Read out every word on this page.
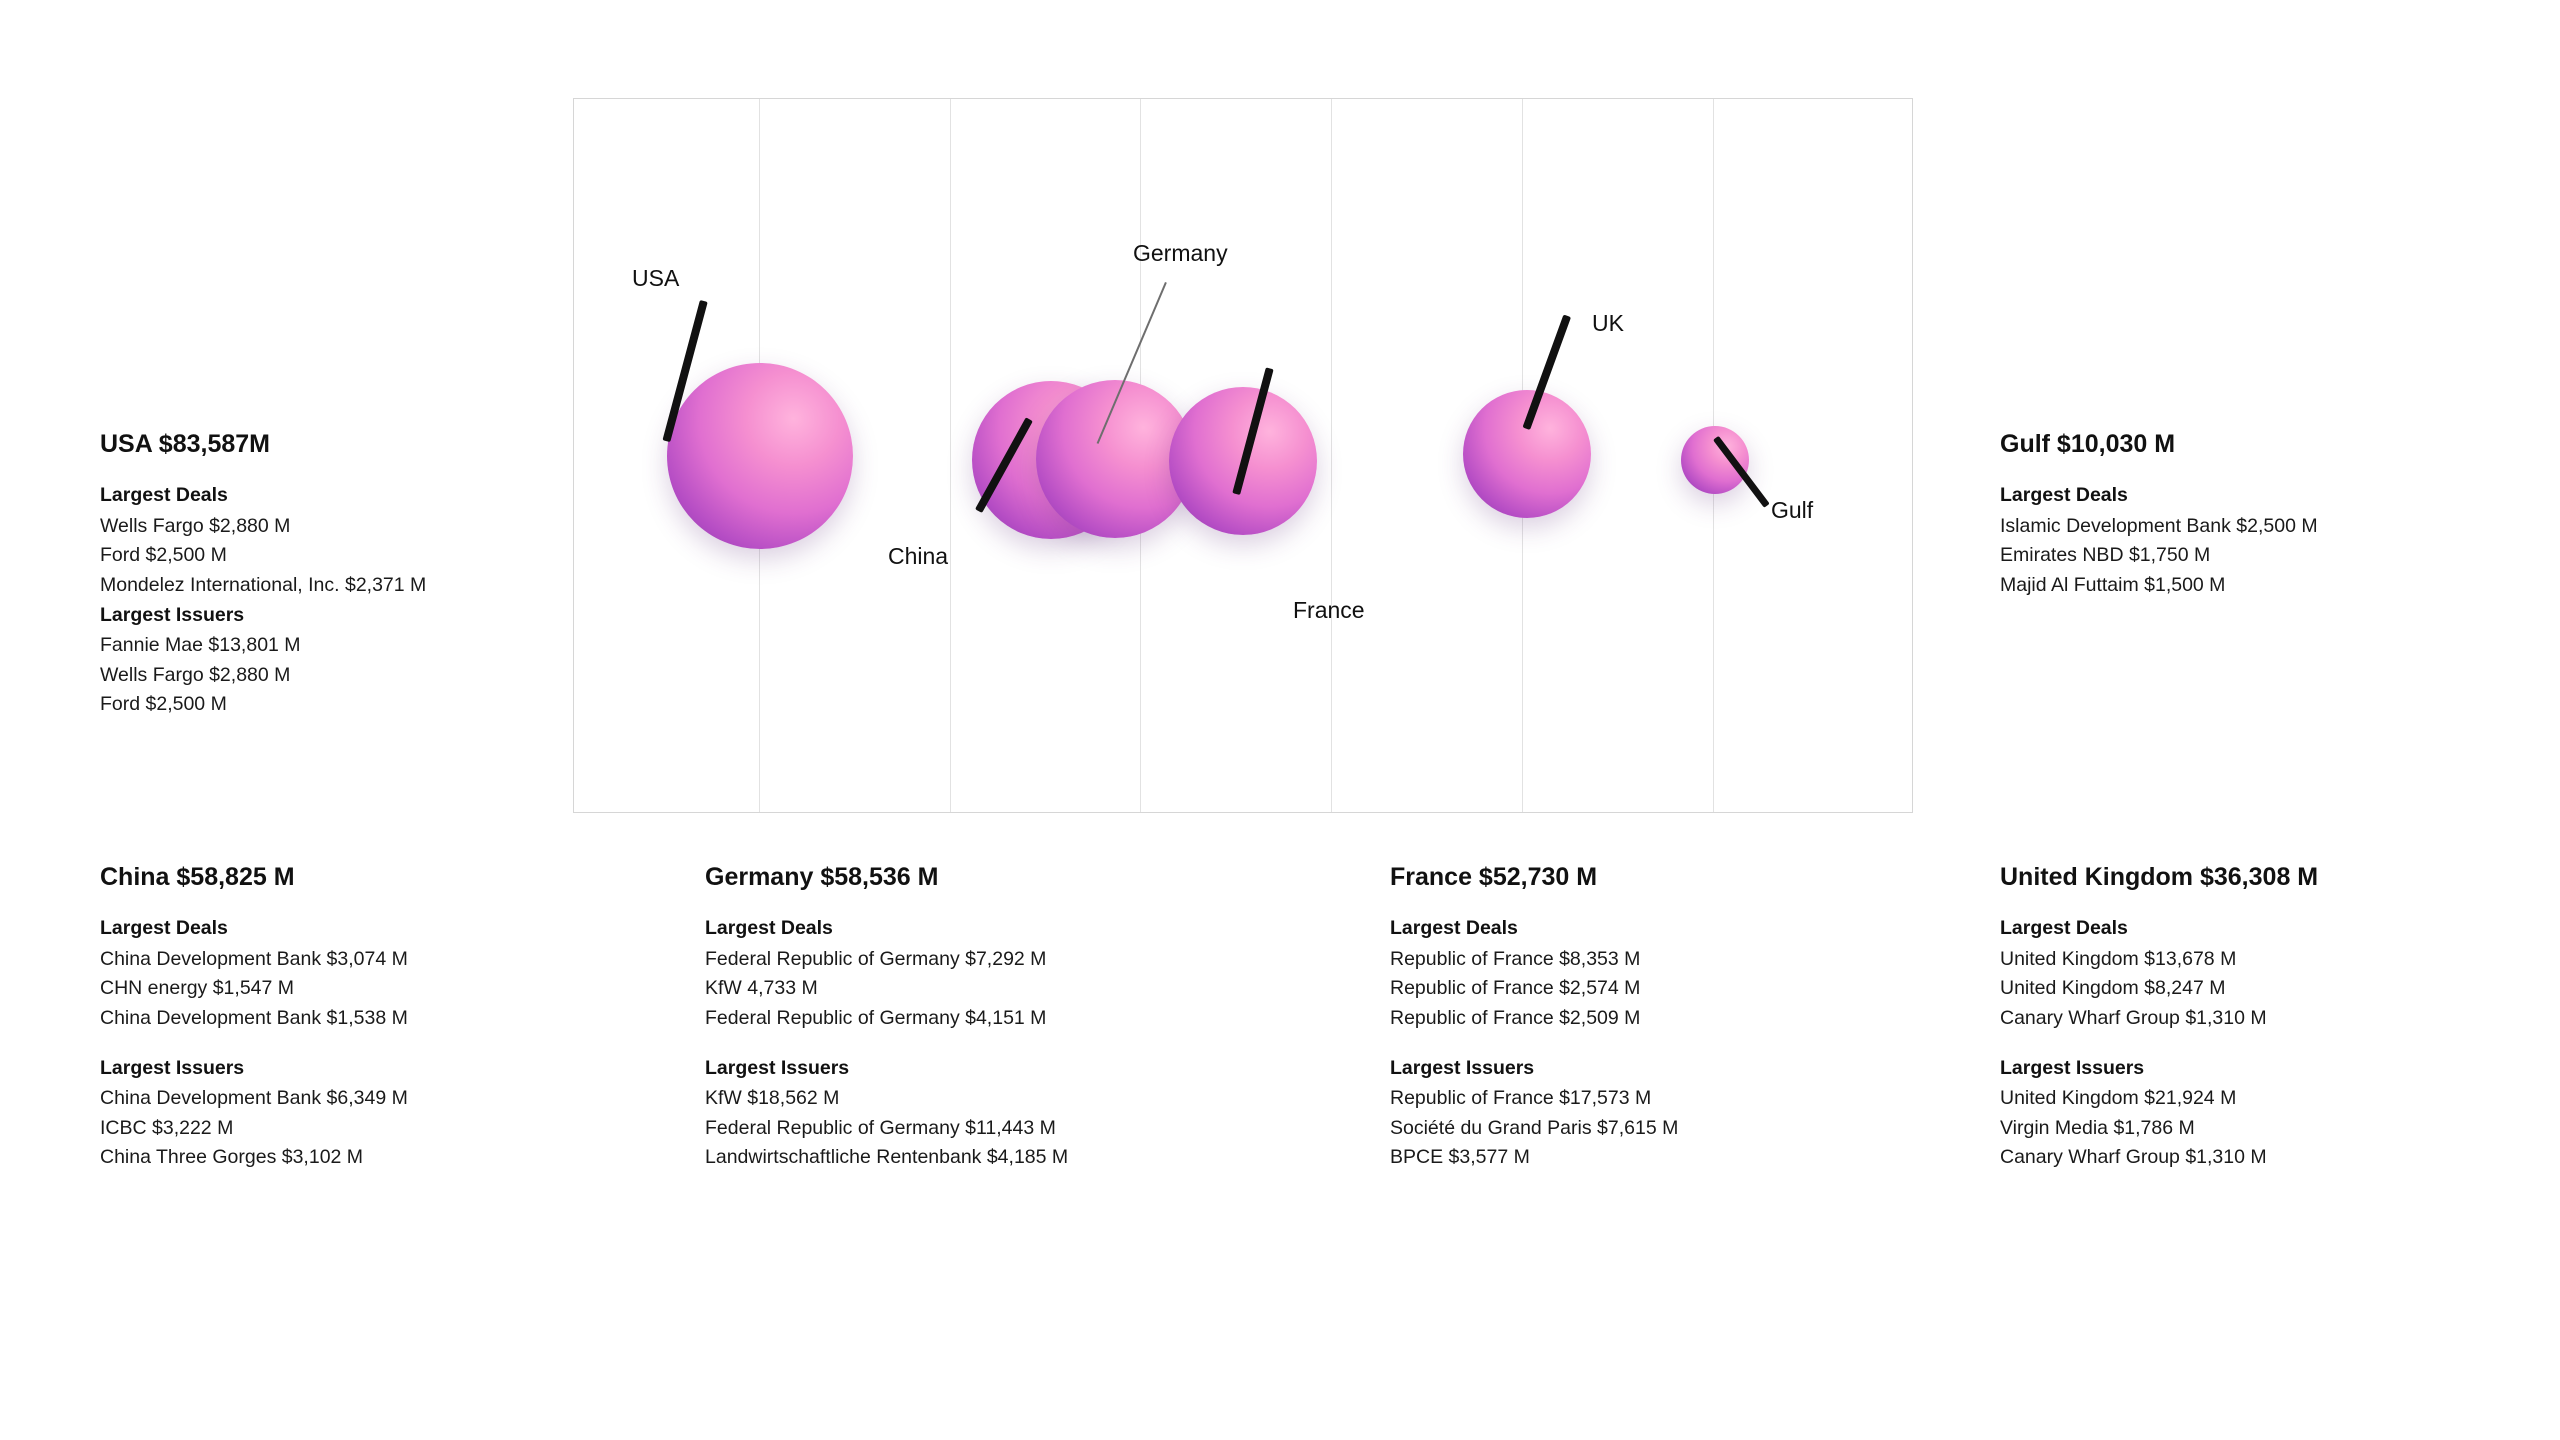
USA
Germany
China
France
UK
Gulf
USA $83,587M

Largest Deals

Wells Fargo $2,880 M

Ford $2,500 M

Mondelez International, Inc. $2,371 M

Largest Issuers

Fannie Mae $13,801 M

Wells Fargo $2,880 M

Ford $2,500 M

Gulf $10,030 M

Largest Deals

Islamic Development Bank $2,500 M

Emirates NBD $1,750 M

Majid Al Futtaim $1,500 M

China $58,825 M

Largest Deals

China Development Bank $3,074 M

CHN energy $1,547 M

China Development Bank $1,538 M

Largest Issuers

China Development Bank $6,349 M

ICBC $3,222 M

China Three Gorges $3,102 M

Germany $58,536 M

Largest Deals

Federal Republic of Germany $7,292 M

KfW 4,733 M

Federal Republic of Germany $4,151 M

Largest Issuers

KfW $18,562 M

Federal Republic of Germany $11,443 M

Landwirtschaftliche Rentenbank $4,185 M

France $52,730 M

Largest Deals

Republic of France $8,353 M

Republic of France $2,574 M

Republic of France $2,509 M

Largest Issuers

Republic of France $17,573 M

Société du Grand Paris $7,615 M

BPCE $3,577 M

United Kingdom $36,308 M

Largest Deals

United Kingdom $13,678 M

United Kingdom $8,247 M

Canary Wharf Group $1,310 M

Largest Issuers

United Kingdom $21,924 M

Virgin Media $1,786 M

Canary Wharf Group $1,310 M
